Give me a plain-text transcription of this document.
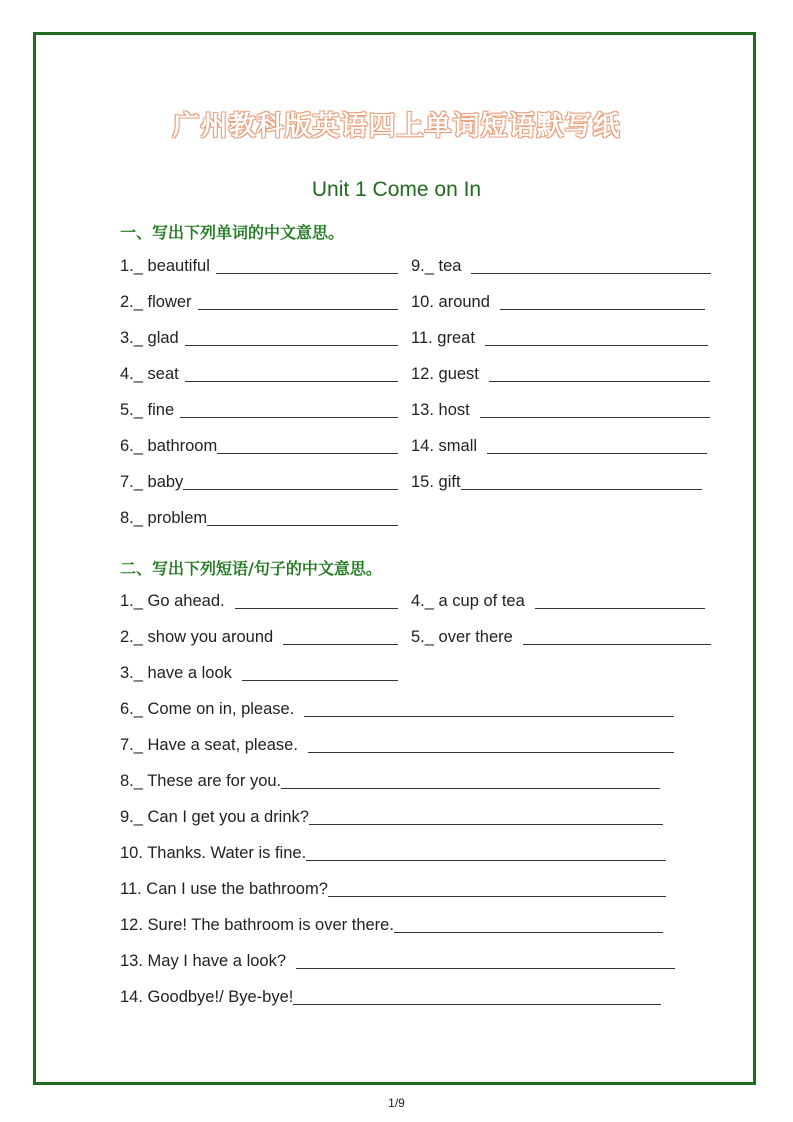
广州教科版英语四上单词短语默写纸
Unit 1 Come on In
一、写出下列单词的中文意思。
1._ beautiful
2._ flower
3._ glad
4._ seat
5._ fine
6._ bathroom
7._ baby
8._ problem
9._ tea
10. around
11. great
12. guest
13. host
14. small
15. gift
二、写出下列短语/句子的中文意思。
1._ Go ahead.
2._ show you around
3._ have a look
4._ a cup of tea
5._ over there
6._ Come on in, please.
7._ Have a seat, please.
8._ These are for you.
9._ Can I get you a drink?
10. Thanks. Water is fine.
11. Can I use the bathroom?
12. Sure! The bathroom is over there.
13. May I have a look?
14. Goodbye!/ Bye-bye!
1/9
